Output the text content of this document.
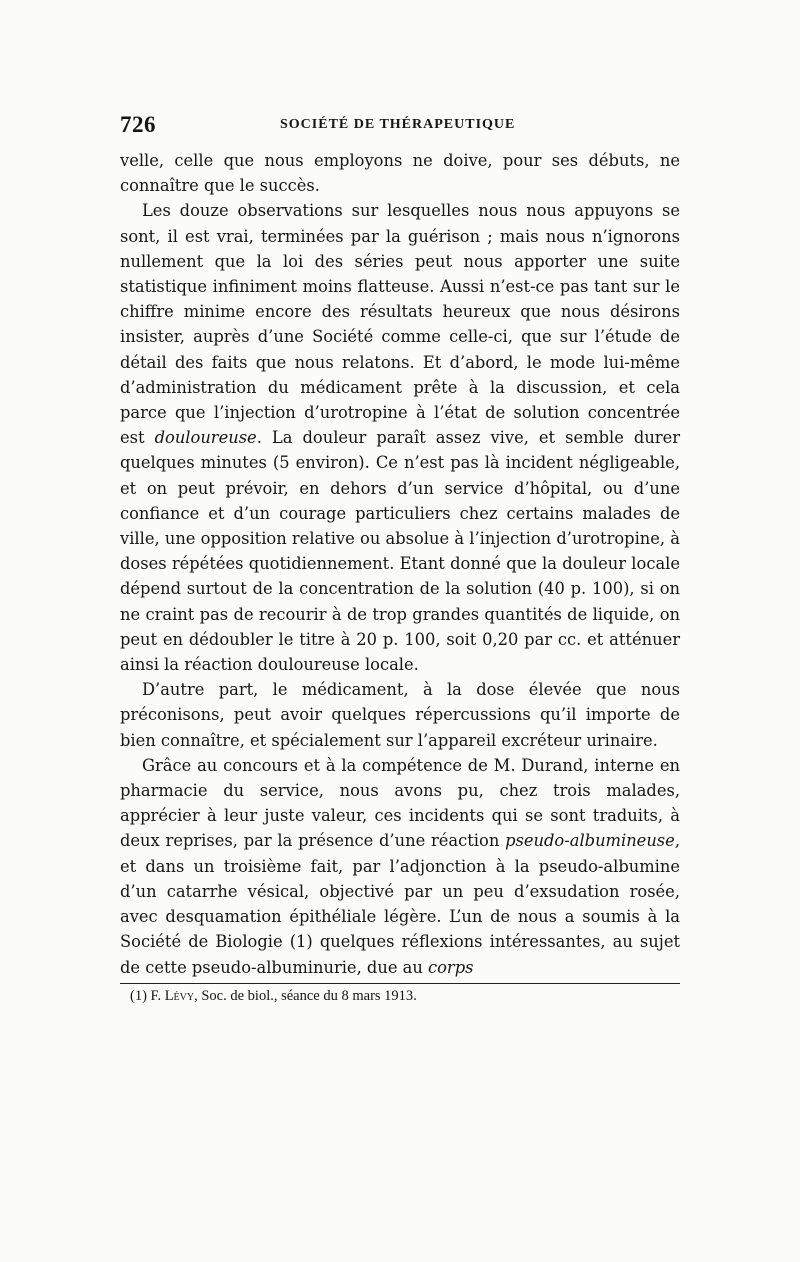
726	SOCIÉTÉ DE THÉRAPEUTIQUE

velle, celle que nous employons ne doive, pour ses débuts, ne connaître que le succès.

Les douze observations sur lesquelles nous nous appuyons se sont, il est vrai, terminées par la guérison ; mais nous n’ignorons nullement que la loi des séries peut nous apporter une suite statistique infiniment moins flatteuse. Aussi n’est-ce pas tant sur le chiffre minime encore des résultats heureux que nous désirons insister, auprès d’une Société comme celle-ci, que sur l’étude de détail des faits que nous relatons. Et d’abord, le mode lui-même d’administration du médicament prête à la discussion, et cela parce que l’injection d’urotropine à l’état de solution concentrée est douloureuse. La douleur paraît assez vive, et semble durer quelques minutes (5 environ). Ce n’est pas là incident négligeable, et on peut prévoir, en dehors d’un service d’hôpital, ou d’une confiance et d’un courage particuliers chez certains malades de ville, une opposition relative ou absolue à l’injection d’urotropine, à doses répétées quotidiennement. Etant donné que la douleur locale dépend surtout de la concentration de la solution (40 p. 100), si on ne craint pas de recourir à de trop grandes quantités de liquide, on peut en dédoubler le titre à 20 p. 100, soit 0,20 par cc. et atténuer ainsi la réaction douloureuse locale.

D’autre part, le médicament, à la dose élevée que nous préconisons, peut avoir quelques répercussions qu’il importe de bien connaître, et spécialement sur l’appareil excréteur urinaire.

Grâce au concours et à la compétence de M. Durand, interne en pharmacie du service, nous avons pu, chez trois malades, apprécier à leur juste valeur, ces incidents qui se sont traduits, à deux reprises, par la présence d’une réaction pseudo-albumineuse, et dans un troisième fait, par l’adjonction à la pseudo-albumine d’un catarrhe vésical, objectivé par un peu d’exsudation rosée, avec desquamation épithéliale légère. L’un de nous a soumis à la Société de Biologie (1) quelques réflexions intéressantes, au sujet de cette pseudo-albuminurie, due au corps

(1) F. Lévy, Soc. de biol., séance du 8 mars 1913.
